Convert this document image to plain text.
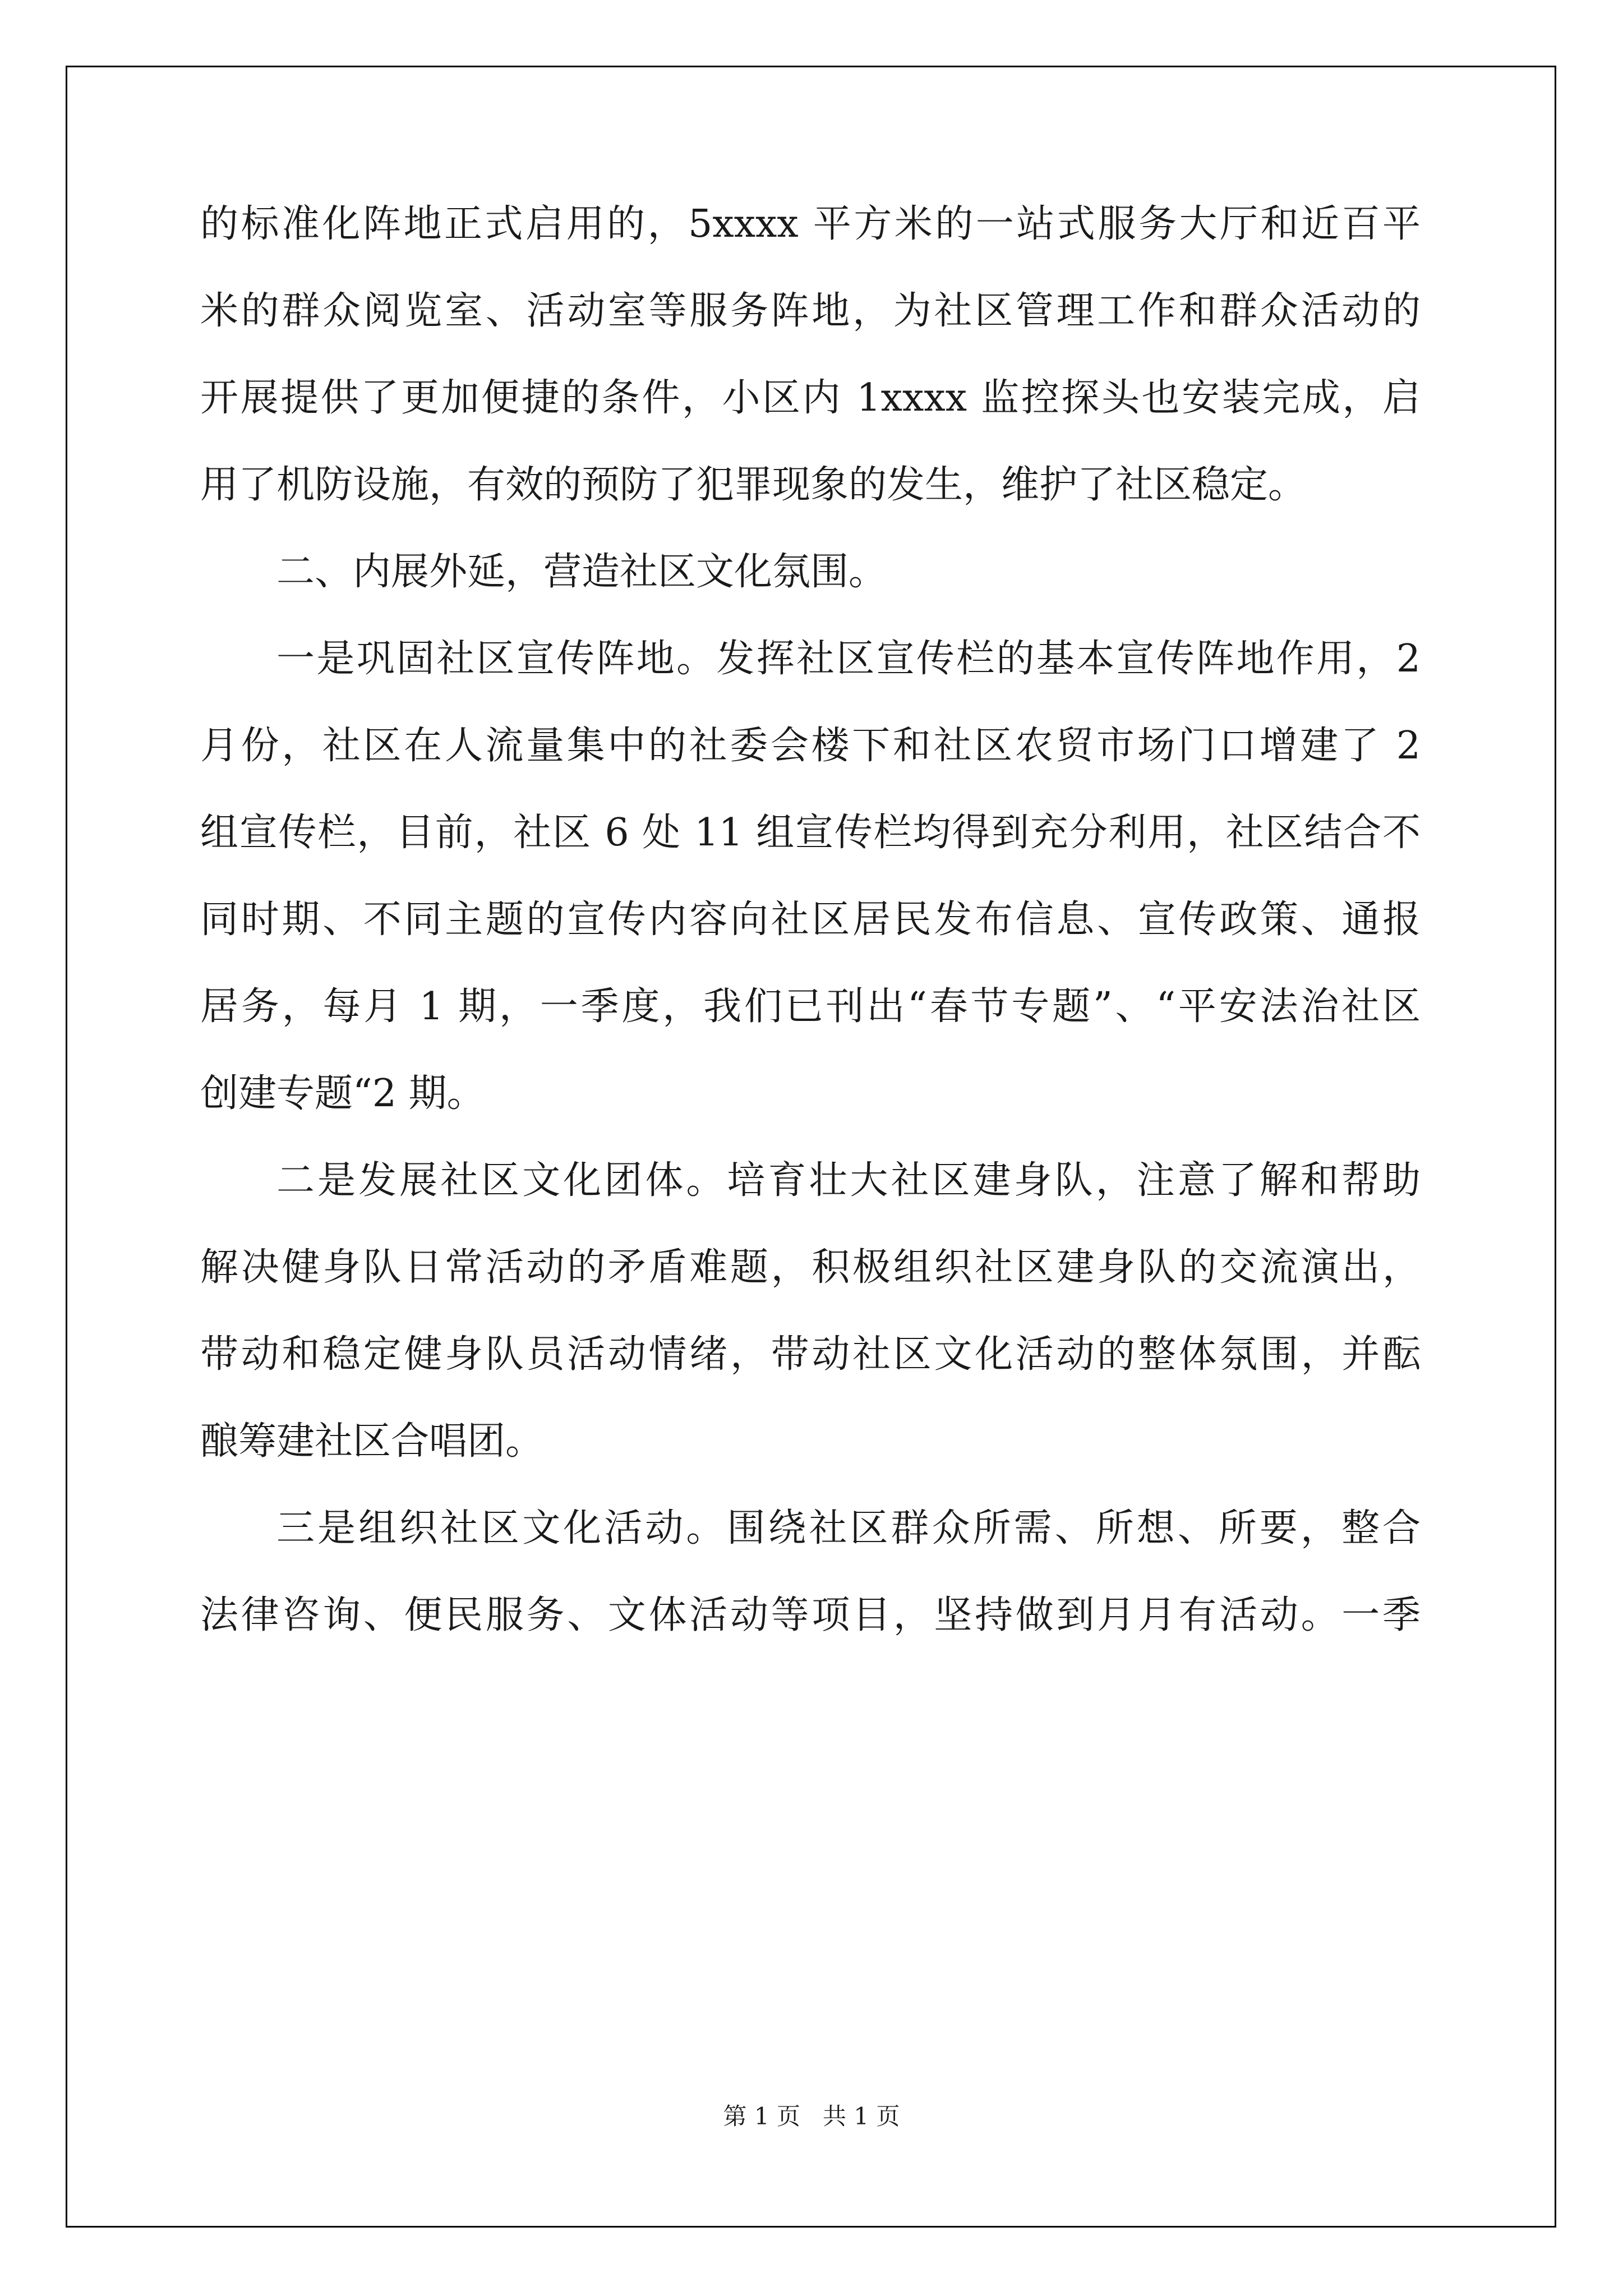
的标准化阵地正式启用的，5xxxx 平方米的一站式服务大厅和近百平
米的群众阅览室、活动室等服务阵地，为社区管理工作和群众活动的
开展提供了更加便捷的条件，小区内 1xxxx 监控探头也安装完成，启
用了机防设施，有效的预防了犯罪现象的发生，维护了社区稳定。
二、内展外延，营造社区文化氛围。
一是巩固社区宣传阵地。发挥社区宣传栏的基本宣传阵地作用，2
月份，社区在人流量集中的社委会楼下和社区农贸市场门口增建了 2
组宣传栏，目前，社区 6 处 11 组宣传栏均得到充分利用，社区结合不
同时期、不同主题的宣传内容向社区居民发布信息、宣传政策、通报
居务，每月 1 期，一季度，我们已刊出“春节专题”、“平安法治社区
创建专题“2 期。
二是发展社区文化团体。培育壮大社区建身队，注意了解和帮助
解决健身队日常活动的矛盾难题，积极组织社区建身队的交流演出，
带动和稳定健身队员活动情绪，带动社区文化活动的整体氛围，并酝
酿筹建社区合唱团。
三是组织社区文化活动。围绕社区群众所需、所想、所要，整合
法律咨询、便民服务、文体活动等项目，坚持做到月月有活动。一季
第 1 页   共 1 页
